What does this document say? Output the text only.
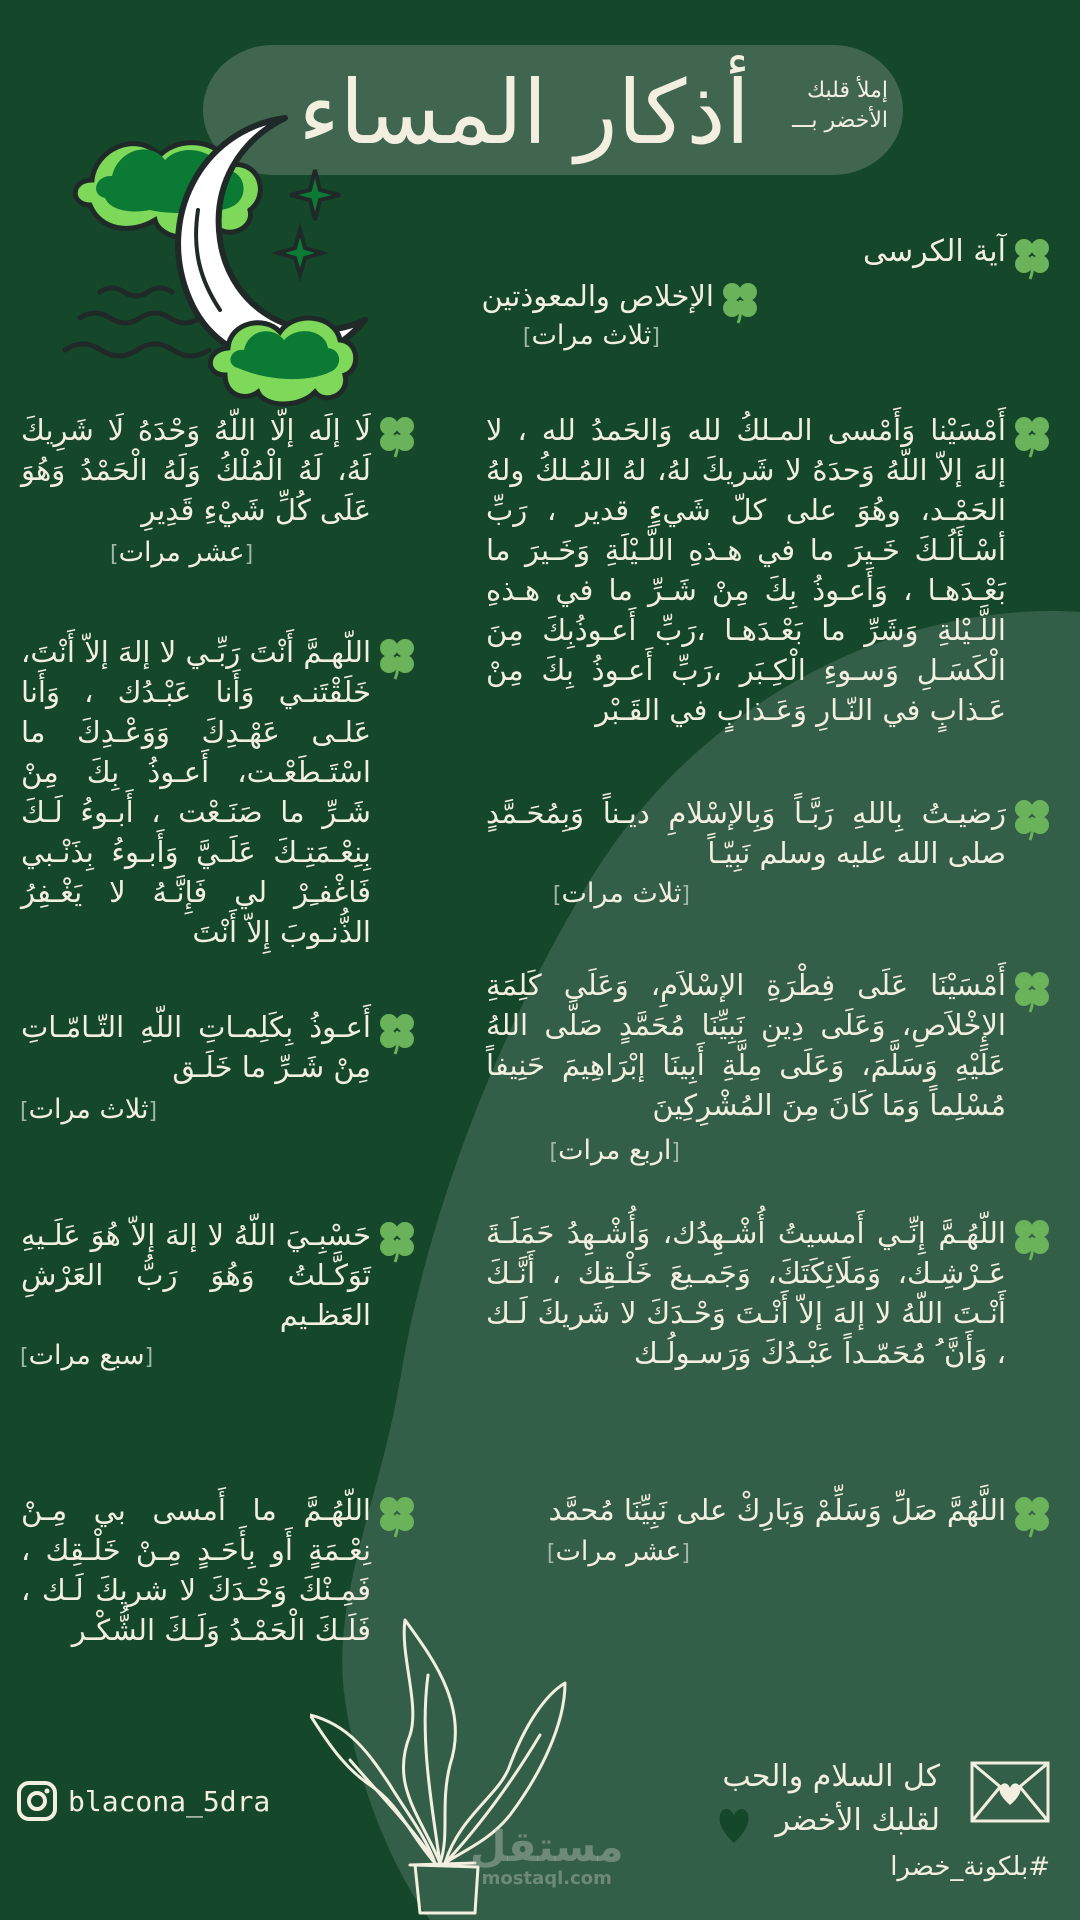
أذكار المساء	إملأ قلبك
الأخضر بـــ
آية الكرسى
الإخلاص والمعوذتين
[ثلاث مرات]
أَمْسَيْنا وَأَمْسى المـلكُ لله وَالحَمدُ لله ، لا إلهَ إلاّ اللّهُ وَحدَهُ لا شَريكَ لهُ، لهُ المُـلكُ ولهُ الحَمْـد، وهُوَ على كلّ شَيءٍ قدير ، رَبِّ أسْـأَلُـكَ خَـيرَ ما في هـذهِ اللَّـيْلَةِ وَخَـيرَ ما بَعْـدَهـا ، وَأَعـوذُ بِكَ مِنْ شَـرِّ ما في هـذهِ اللَّـيْلةِ وَشَرِّ ما بَعْـدَهـا ،رَبِّ أَعـوذُبِكَ مِنَ الْكَسَـلِ وَسـوءِ الْكِـبَر ،رَبِّ أَعـوذُ بِكَ مِنْ عَـذابٍ في النّـارِ وَعَـذابٍ في القَـبْر
رَضيـتُ بِاللهِ رَبَّـاً وَبِالإسْلامِ ديـناً وَبِمُحَـمَّدٍ صلى الله عليه وسلم نَبِيّـاً
[ثلاث مرات]
أَمْسَيْنَا عَلَى فِطْرَةِ الإسْلاَمِ، وَعَلَى كَلِمَةِ الإِخْلاَصِ، وَعَلَى دِينِ نَبِيِّنَا مُحَمَّدٍ صَلَّى اللهُ عَلَيْهِ وَسَلَّمَ، وَعَلَى مِلَّةِ أَبِينَا إبْرَاهِيمَ حَنِيفاً مُسْلِماً وَمَا كَانَ مِنَ المُشْرِكِينَ
[اربع مرات]
اللّهُـمَّ إِنِّـي أَمسيتُ أُشْـهِدُك، وَأُشْـهِدُ حَمَلَـةَ عَـرْشِـك، وَمَلَائِكَتَكَ، وَجَمـيعَ خَلْـقِك ، أَنَّـكَ أَنْـتَ اللّهُ لا إلهَ إلاّ أَنْـتَ وَحْـدَكَ لا شَريكَ لَـك ، وَأَنَّ ُ مُحَمّـداً عَبْـدُكَ وَرَسـولُـك
اللَّهُمَّ صَلِّ وَسَلِّمْ وَبَارِكْ على نَبِيِّنَا مُحمَّد
[عشر مرات]
لَا إلَه إلّا اللّهُ وَحْدَهُ لَا شَرِيكَ لَهُ، لَهُ الْمُلْكُ وَلَهُ الْحَمْدُ وَهُوَ عَلَى كُلِّ شَيْءِ قَدِيرِ
[عشر مرات]
اللّهـمَّ أَنْتَ رَبِّـي لا إلهَ إلاّ أَنْتَ، خَلَقْتَنـي وَأَنا عَبْـدُك ، وَأَنا عَلـى عَهْـدِكَ وَوَعْـدِكَ ما اسْتَـطَعْـت، أَعـوذُ بِكَ مِنْ شَـرِّ ما صَنَـعْت ، أَبـوءُ لَـكَ بِنِعْـمَتِـكَ عَلَـيَّ وَأَبـوءُ بِذَنْـبي فَاغْفـِرْ لي فَإِنَّـهُ لا يَغْـفِرُ الذُّنـوبَ إِلاّ أَنْتَ
أَعـوذُ بِكَلِمـاتِ اللّهِ التّـامّـاتِ مِنْ شَـرِّ ما خَلَـق
[ثلاث مرات]
حَسْبِـيَ اللّهُ لا إلهَ إلاّ هُوَ عَلَـيهِ تَوَكَّـلتُ وَهُوَ رَبُّ العَرْشِ العَظـيم
[سبع مرات]
اللّهُـمَّ ما أَمسى بي مِـنْ نِعْـمَةٍ أَو بِأَحَـدٍ مِـنْ خَلْـقِك ، فَمِـنْكَ وَحْـدَكَ لا شريكَ لَـك ، فَلَـكَ الْحَمْـدُ وَلَـكَ الشُّكْـر
مستقل
mostaql.com
blacona_5dra
كل السلام والحب
لقلبك الأخضر
#بلكونة_خضرا
